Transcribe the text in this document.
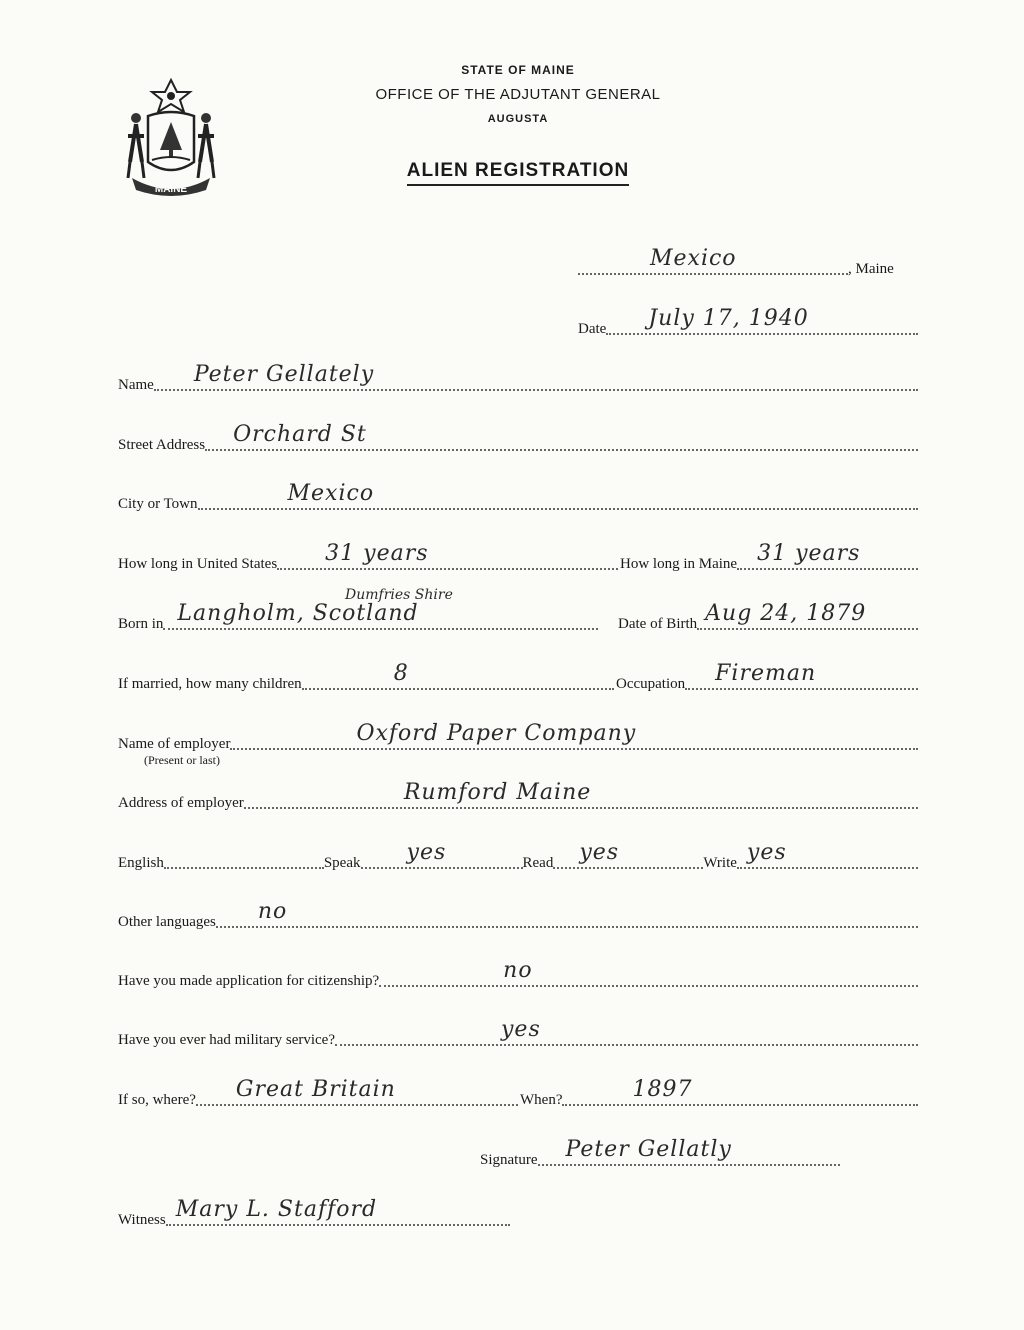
MAINE
STATE OF MAINE
OFFICE OF THE ADJUTANT GENERAL
AUGUSTA
ALIEN REGISTRATION
Mexico	, Maine
Date July 17, 1940
Name Peter Gellately
Street Address Orchard St
City or Town	Mexico
How long in United States 31 years	How long in Maine 31 years
Dumfries Shire
Born in Langholm, Scotland	Date of Birth Aug 24, 1879
If married, how many children	8	Occupation Fireman
Name of employer	Oxford Paper Company
(Present or last)
Address of employer	Rumford Maine
English	Speak yes	Read yes	Write yes
Other languages no
Have you made application for citizenship?	no
Have you ever had military service?	yes
If so, where? Great Britain	When?	1897
Signature Peter Gellatly
Witness Mary L. Stafford
